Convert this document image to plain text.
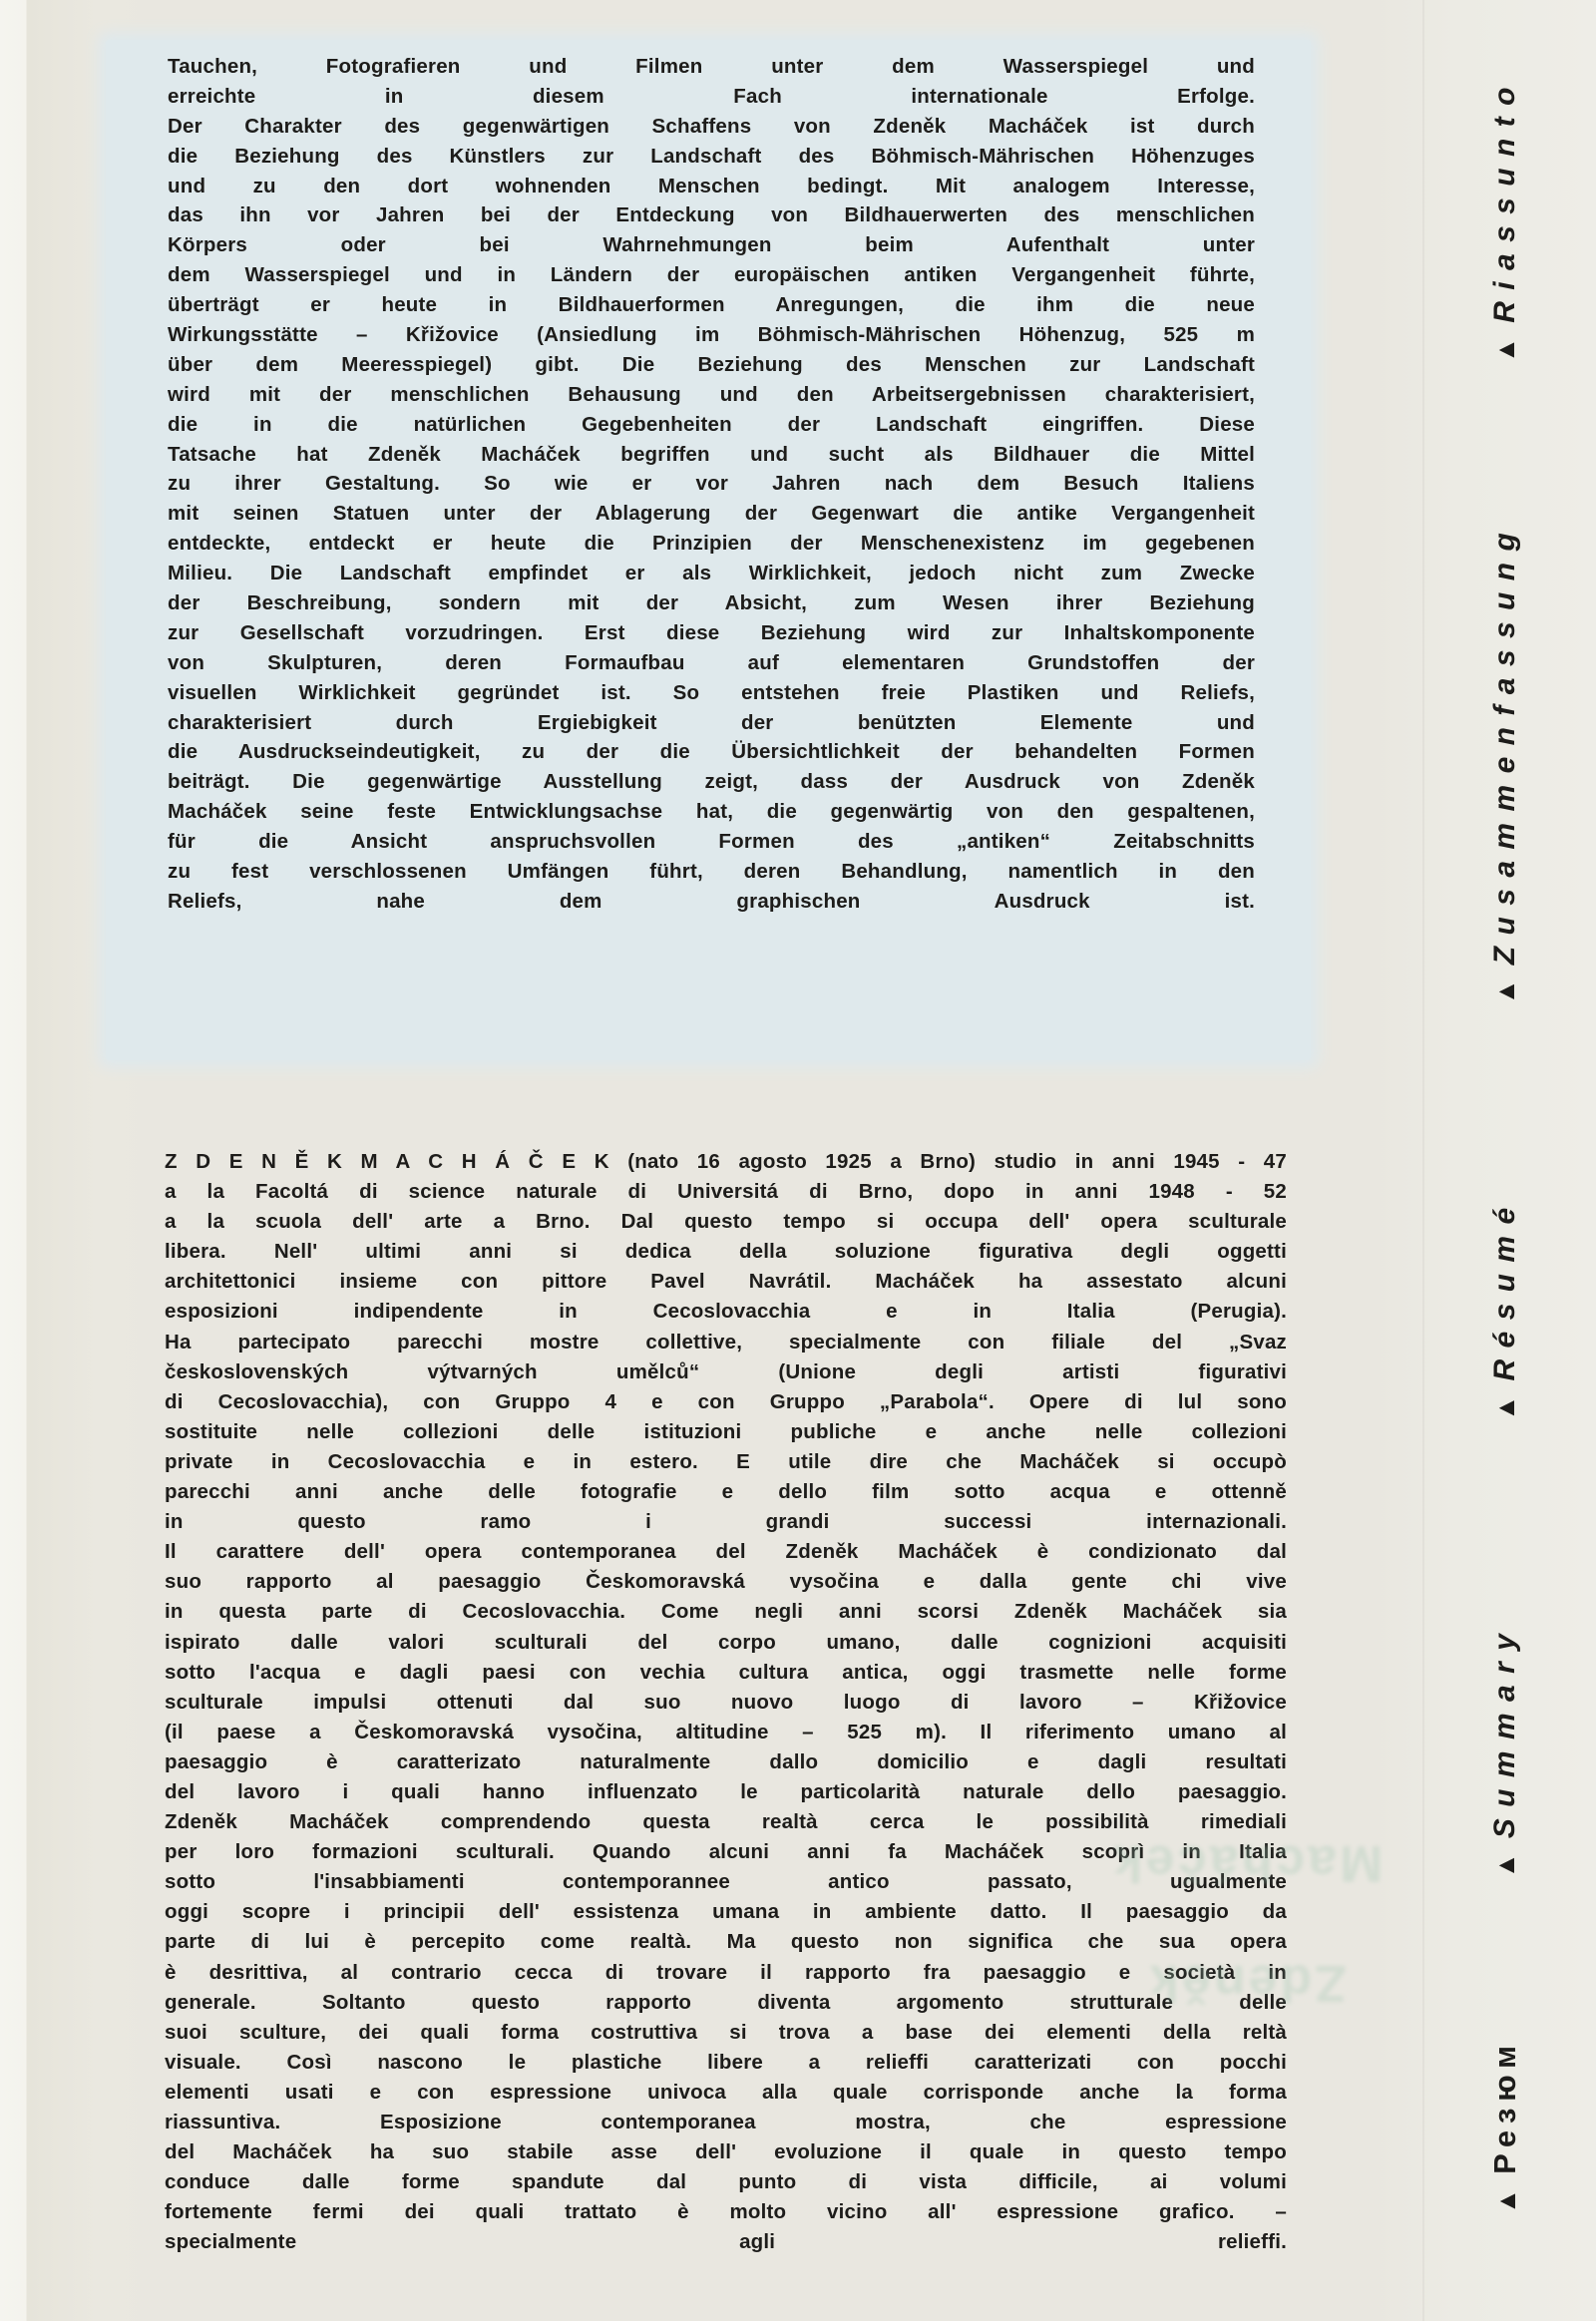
Tauchen, Fotografieren und Filmen unter dem Wasserspiegel und
erreichte in diesem Fach internationale Erfolge.
Der Charakter des gegenwärtigen Schaffens von Zdeněk Macháček ist durch
die Beziehung des Künstlers zur Landschaft des Böhmisch-Mährischen Höhenzuges
und zu den dort wohnenden Menschen bedingt. Mit analogem Interesse,
das ihn vor Jahren bei der Entdeckung von Bildhauerwerten des menschlichen
Körpers oder bei Wahrnehmungen beim Aufenthalt unter
dem Wasserspiegel und in Ländern der europäischen antiken Vergangenheit führte,
überträgt er heute in Bildhauerformen Anregungen, die ihm die neue
Wirkungsstätte – Křižovice (Ansiedlung im Böhmisch-Mährischen Höhenzug, 525 m
über dem Meeresspiegel) gibt. Die Beziehung des Menschen zur Landschaft
wird mit der menschlichen Behausung und den Arbeitsergebnissen charakterisiert,
die in die natürlichen Gegebenheiten der Landschaft eingriffen. Diese
Tatsache hat Zdeněk Macháček begriffen und sucht als Bildhauer die Mittel
zu ihrer Gestaltung. So wie er vor Jahren nach dem Besuch Italiens
mit seinen Statuen unter der Ablagerung der Gegenwart die antike Vergangenheit
entdeckte, entdeckt er heute die Prinzipien der Menschenexistenz im gegebenen
Milieu. Die Landschaft empfindet er als Wirklichkeit, jedoch nicht zum Zwecke
der Beschreibung, sondern mit der Absicht, zum Wesen ihrer Beziehung
zur Gesellschaft vorzudringen. Erst diese Beziehung wird zur Inhaltskomponente
von Skulpturen, deren Formaufbau auf elementaren Grundstoffen der
visuellen Wirklichkeit gegründet ist. So entstehen freie Plastiken und Reliefs,
charakterisiert durch Ergiebigkeit der benützten Elemente und
die Ausdruckseindeutigkeit, zu der die Übersichtlichkeit der behandelten Formen
beiträgt. Die gegenwärtige Ausstellung zeigt, dass der Ausdruck von Zdeněk
Macháček seine feste Entwicklungsachse hat, die gegenwärtig von den gespaltenen,
für die Ansicht anspruchsvollen Formen des „antiken“ Zeitabschnitts
zu fest verschlossenen Umfängen führt, deren Behandlung, namentlich in den
Reliefs, nahe dem graphischen Ausdruck ist.
Z D E N Ě K M A C H Á Č E K (nato 16 agosto 1925 a Brno) studio in anni 1945 - 47
a la Facoltá di science naturale di Universitá di Brno, dopo in anni 1948 - 52
a la scuola dell' arte a Brno. Dal questo tempo si occupa dell' opera sculturale
libera. Nell' ultimi anni si dedica della soluzione figurativa degli oggetti
architettonici insieme con pittore Pavel Navrátil. Macháček ha assestato alcuni
esposizioni indipendente in Cecoslovacchia e in Italia (Perugia).
Ha partecipato parecchi mostre collettive, specialmente con filiale del „Svaz
československých výtvarných umělců“ (Unione degli artisti figurativi
di Cecoslovacchia), con Gruppo 4 e con Gruppo „Parabola“. Opere di lul sono
sostituite nelle collezioni delle istituzioni publiche e anche nelle collezioni
private in Cecoslovacchia e in estero. E utile dire che Macháček si occupò
parecchi anni anche delle fotografie e dello film sotto acqua e ottenně
in questo ramo i grandi successi internazionali.
Il carattere dell' opera contemporanea del Zdeněk Macháček è condizionato dal
suo rapporto al paesaggio Českomoravská vysočina e dalla gente chi vive
in questa parte di Cecoslovacchia. Come negli anni scorsi Zdeněk Macháček sia
ispirato dalle valori sculturali del corpo umano, dalle cognizioni acquisiti
sotto l'acqua e dagli paesi con vechia cultura antica, oggi trasmette nelle forme
sculturale impulsi ottenuti dal suo nuovo luogo di lavoro – Křižovice
(il paese a Českomoravská vysočina, altitudine – 525 m). Il riferimento umano al
paesaggio è caratterizato naturalmente dallo domicilio e dagli resultati
del lavoro i quali hanno influenzato le particolarità naturale dello paesaggio.
Zdeněk Macháček comprendendo questa realtà cerca le possibilità rimediali
per loro formazioni sculturali. Quando alcuni anni fa Macháček scoprì in Italia
sotto l'insabbiamenti contemporannee antico passato, ugualmente
oggi scopre i principii dell' essistenza umana in ambiente datto. Il paesaggio da
parte di lui è percepito come realtà. Ma questo non significa che sua opera
è desrittiva, al contrario cecca di trovare il rapporto fra paesaggio e società in
generale. Soltanto questo rapporto diventa argomento strutturale delle
suoi sculture, dei quali forma costruttiva si trova a base dei elementi della reltà
visuale. Così nascono le plastiche libere a relieffi caratterizati con pocchi
elementi usati e con espressione univoca alla quale corrisponde anche la forma
riassuntiva. Esposizione contemporanea mostra, che espressione
del Macháček ha suo stabile asse dell' evoluzione il quale in questo tempo
conduce dalle forme spandute dal punto di vista difficile, ai volumi
fortemente fermi dei quali trattato è molto vicino all' espressione grafico. –
specialmente agli relieffi.
▲Riassunto
▲Zusammenfassung
▲Résumé
▲Summary
▲Резюм
Zdeněk Macháček
